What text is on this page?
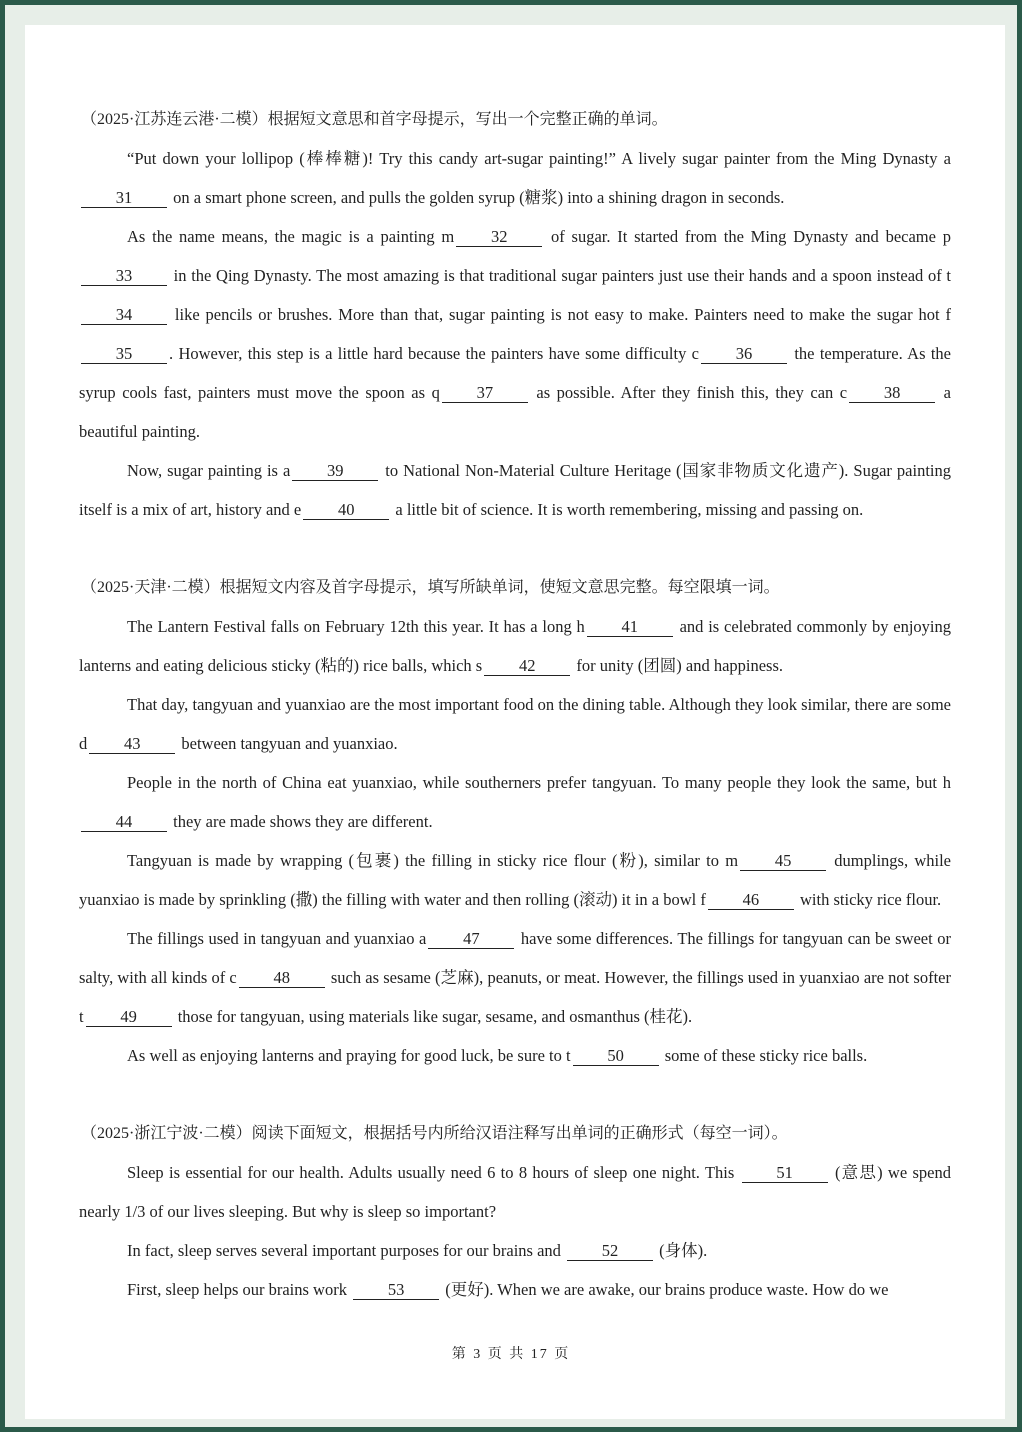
（2025·江苏连云港·二模）根据短文意思和首字母提示，写出一个完整正确的单词。

“Put down your lollipop (棒棒糖)! Try this candy art-sugar painting!” A lively sugar painter from the Ming Dynasty a31 on a smart phone screen, and pulls the golden syrup (糖浆) into a shining dragon in seconds.

As the name means, the magic is a painting m 32 of sugar. It started from the Ming Dynasty and became p33 in the Qing Dynasty. The most amazing is that traditional sugar painters just use their hands and a spoon instead of t34 like pencils or brushes. More than that, sugar painting is not easy to make. Painters need to make the sugar hot f35 . However, this step is a little hard because the painters have some difficulty c 36 the temperature. As the syrup cools fast, painters must move the spoon as q 37 as possible. After they finish this, they can c 38 a beautiful painting.

Now, sugar painting is a 39 to National Non-Material Culture Heritage (国家非物质文化遗产). Sugar painting itself is a mix of art, history and e 40 a little bit of science. It is worth remembering, missing and passing on.

（2025·天津·二模）根据短文内容及首字母提示，填写所缺单词，使短文意思完整。每空限填一词。

The Lantern Festival falls on February 12th this year. It has a long h 41 and is celebrated commonly by enjoying lanterns and eating delicious sticky (粘的) rice balls, which s 42 for unity (团圆) and happiness.

That day, tangyuan and yuanxiao are the most important food on the dining table. Although they look similar, there are some d 43 between tangyuan and yuanxiao.

People in the north of China eat yuanxiao, while southerners prefer tangyuan. To many people they look the same, but h44 they are made shows they are different.

Tangyuan is made by wrapping (包裹) the filling in sticky rice flour (粉), similar to m 45 dumplings, while yuanxiao is made by sprinkling (撒) the filling with water and then rolling (滚动) it in a bowl f 46 with sticky rice flour.

The fillings used in tangyuan and yuanxiao a 47 have some differences. The fillings for tangyuan can be sweet or salty, with all kinds of c 48 such as sesame (芝麻), peanuts, or meat. However, the fillings used in yuanxiao are not softer t 49 those for tangyuan, using materials like sugar, sesame, and osmanthus (桂花).

As well as enjoying lanterns and praying for good luck, be sure to t 50 some of these sticky rice balls.

（2025·浙江宁波·二模）阅读下面短文，根据括号内所给汉语注释写出单词的正确形式（每空一词）。

Sleep is essential for our health. Adults usually need 6 to 8 hours of sleep one night. This 51 (意思) we spend nearly 1/3 of our lives sleeping. But why is sleep so important?

In fact, sleep serves several important purposes for our brains and 52 (身体).

First, sleep helps our brains work 53 (更好). When we are awake, our brains produce waste. How do we

第 3 页 共 17 页
